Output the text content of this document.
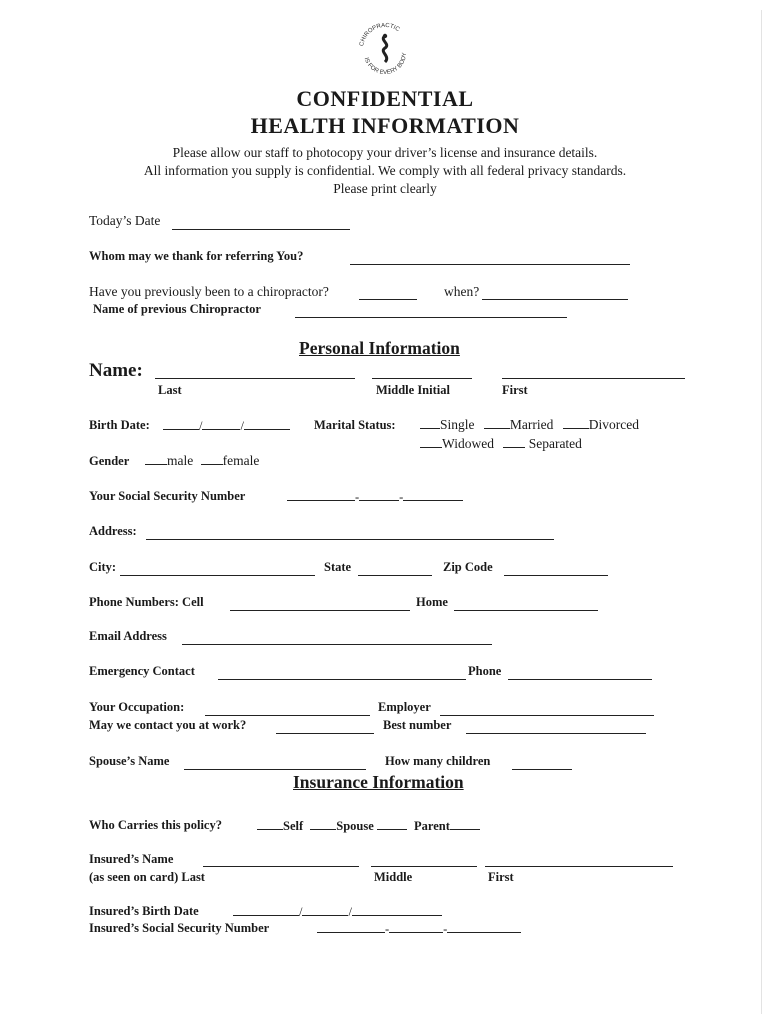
CHIROPRACTIC
IS FOR EVERY BODY
CONFIDENTIAL
HEALTH INFORMATION
Please allow our staff to photocopy your driver’s license and insurance details.
All information you supply is confidential. We comply with all federal privacy standards.
Please print clearly
Today’s Date
Whom may we thank for referring You?
Have you previously been to a chiropractor?	when?
Name of previous Chiropractor
Personal Information
Name:
Last	Middle Initial	First
Birth Date:	/	/	Marital Status:	Single	Married	Divorced
Widowed	Separated
Gender	male female
Your Social Security Number	-	-
Address:
City:	State	Zip Code
Phone Numbers: Cell	Home
Email Address
Emergency Contact	Phone
Your Occupation:	Employer
May we contact you at work?	Best number
Spouse’s Name	How many children
Insurance Information
Who Carries this policy?	Self	Spouse	Parent
Insured’s Name
(as seen on card) Last	Middle	First
Insured’s Birth Date	/	/
Insured’s Social Security Number	-	-
